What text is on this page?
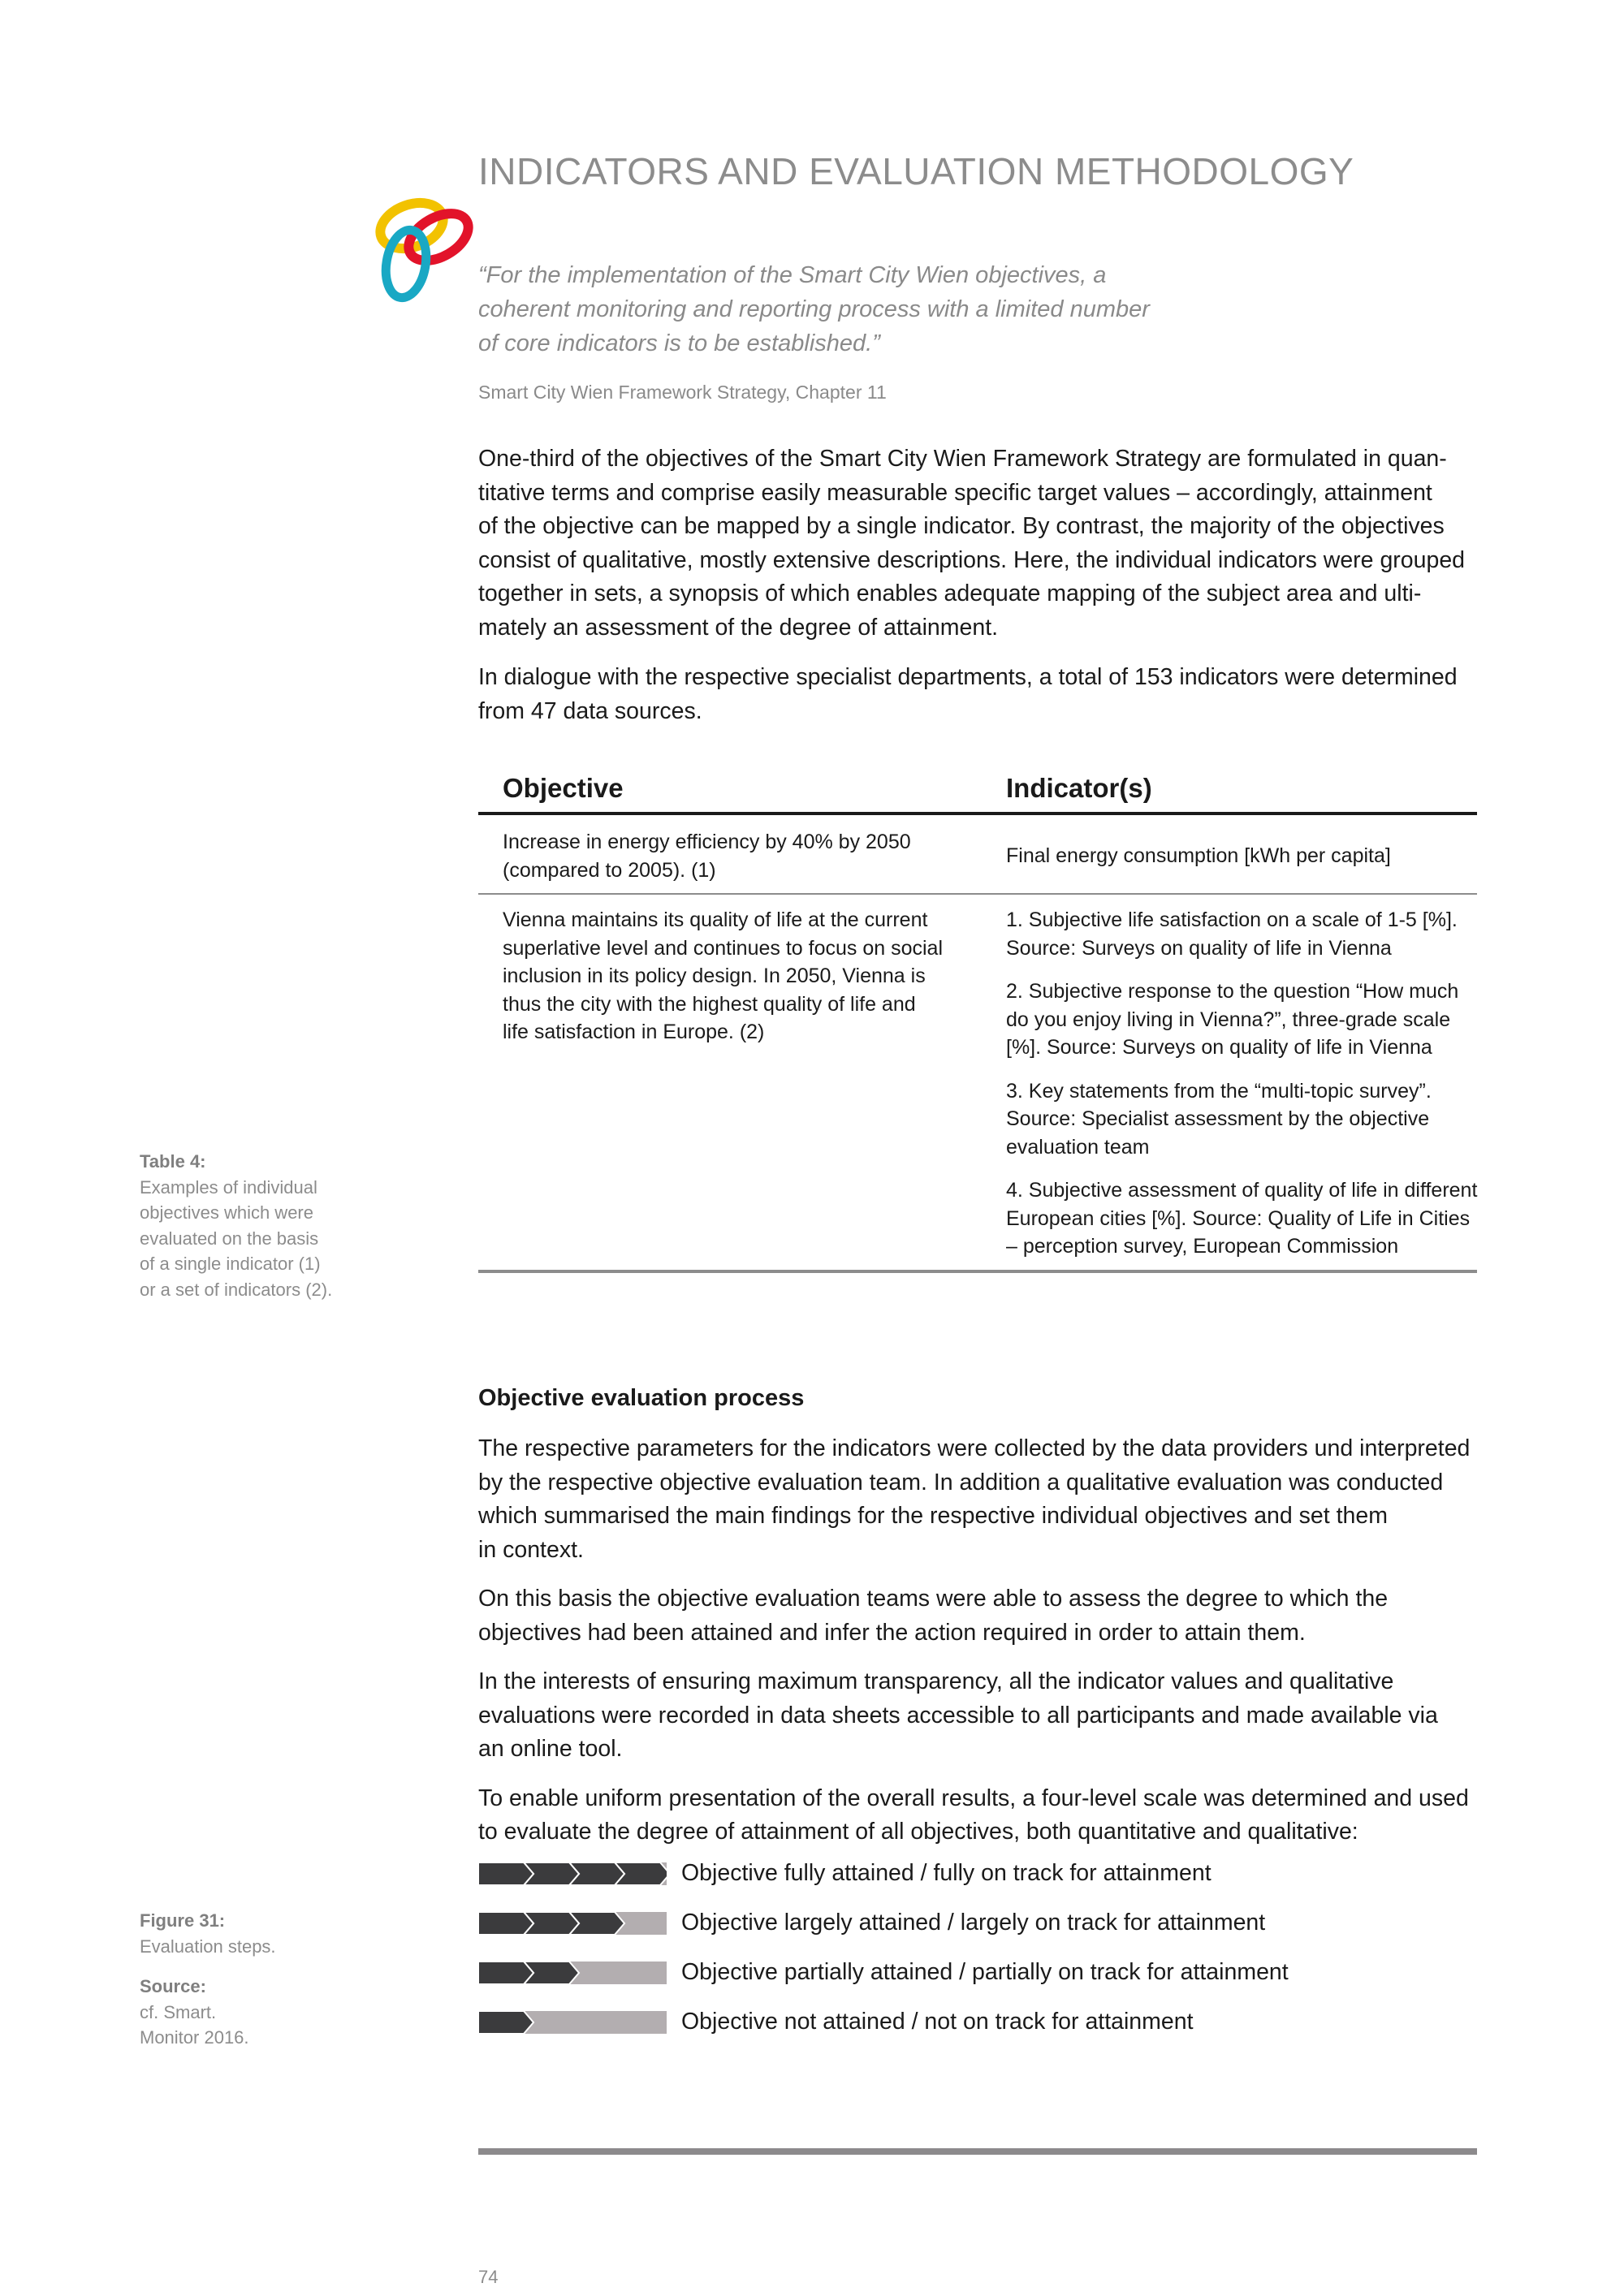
INDICATORS AND EVALUATION METHODOLOGY
“For the implementation of the Smart City Wien objectives, a
coherent monitoring and reporting process with a limited number
of core indicators is to be established.”
Smart City Wien Framework Strategy, Chapter 11

One-third of the objectives of the Smart City Wien Framework Strategy are formulated in quan-
titative terms and comprise easily measurable specific target values – accordingly, attainment
of the objective can be mapped by a single indicator. By contrast, the majority of the objectives
consist of qualitative, mostly extensive descriptions. Here, the individual indicators were grouped
together in sets, a synopsis of which enables adequate mapping of the subject area and ulti-
mately an assessment of the degree of attainment.

In dialogue with the respective specialist departments, a total of 153 indicators were determined
from 47 data sources.

Objective	Indicator(s)
Increase in energy efficiency by 40% by 2050
(compared to 2005). (1)
Final energy consumption [kWh per capita]
Vienna maintains its quality of life at the current
superlative level and continues to focus on social
inclusion in its policy design. In 2050, Vienna is
thus the city with the highest quality of life and
life satisfaction in Europe. (2)
1. Subjective life satisfaction on a scale of 1-5 [%].
Source: Surveys on quality of life in Vienna
2. Subjective response to the question “How much
do you enjoy living in Vienna?”, three-grade scale
[%]. Source: Surveys on quality of life in Vienna
3. Key statements from the “multi-topic survey”.
Source: Specialist assessment by the objective
evaluation team
4. Subjective assessment of quality of life in different
European cities [%]. Source: Quality of Life in Cities
– perception survey, European Commission
Table 4:
Examples of individual
objectives which were
evaluated on the basis
of a single indicator (1)
or a set of indicators (2).
Objective evaluation process

The respective parameters for the indicators were collected by the data providers und interpreted
by the respective objective evaluation team. In addition a qualitative evaluation was conducted
which summarised the main findings for the respective individual objectives and set them
in context.

On this basis the objective evaluation teams were able to assess the degree to which the
objectives had been attained and infer the action required in order to attain them.

In the interests of ensuring maximum transparency, all the indicator values and qualitative
evaluations were recorded in data sheets accessible to all participants and made available via
an online tool.

To enable uniform presentation of the overall results, a four-level scale was determined and used
to evaluate the degree of attainment of all objectives, both quantitative and qualitative:

Objective fully attained / fully on track for attainment
Objective largely attained / largely on track for attainment
Objective partially attained / partially on track for attainment
Objective not attained / not on track for attainment
Figure 31:
Evaluation steps.
Source:
cf. Smart.
Monitor 2016.
74
